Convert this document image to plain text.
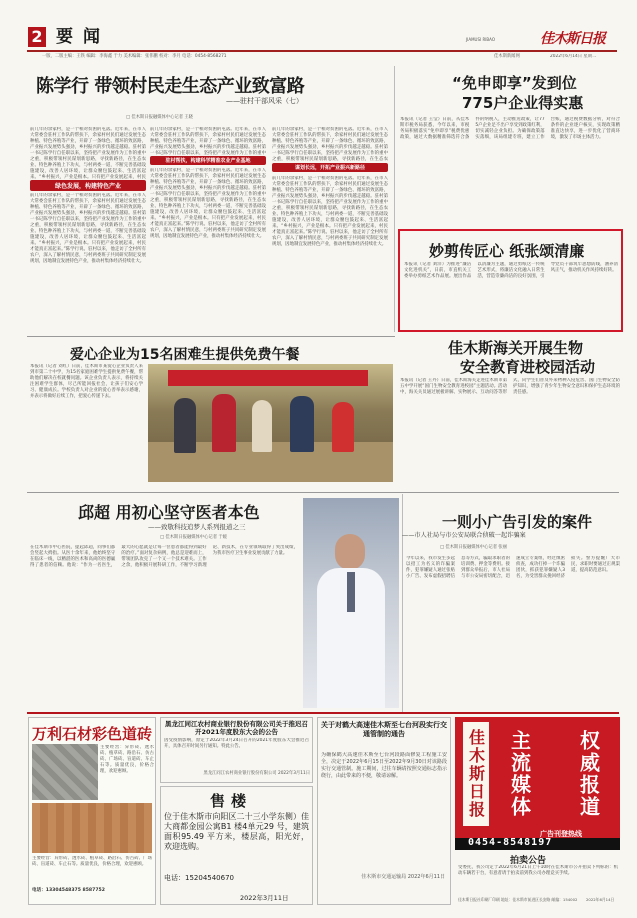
2 要闻	JIAMUSI RIBAO	佳木斯日报
一版、二版主编：王铁 编辑：李海鑫 于力 美术编辑：张伟鹏 校对：李月 电话：0454-8568271	佳木斯新闻网	2022年6月14日 星期二
陈学行 带领村民走生态产业致富路
——驻村干部风采（七）
□ 佳木斯日报融媒体中心记者 王晓
前几年的余家村，是一个相对贫困的屯落。近年来，在市人大常委会驻村工作队的帮扶下，余家村村民们通过发展生态种植、特色养殖等产业，开辟了一条绿色、循环的致富路，产业振兴发展势头强劲，乡村振兴的步伐越走越稳。驻村第一书记陈学行自任职以来，坚持把产业发展作为工作的重中之重，积极带领村民谋划新思路，寻找新路径，在生态农业、特色种养殖上下功夫，与村两委一道，不断完善基础设施建设，改善人居环境，让群众腰包鼓起来、生活富起来。“乡村振兴，产业是根本。只有把产业发展起来，村民
绿色发展，构建特色产业
前几年的余家村，是一个相对贫困的屯落。近年来，在市人大常委会驻村工作队的帮扶下，余家村村民们通过发展生态种植、特色养殖等产业，开辟了一条绿色、循环的致富路，产业振兴发展势头强劲，乡村振兴的步伐越走越稳。驻村第一书记陈学行自任职以来，坚持把产业发展作为工作的重中之重，积极带领村民谋划新思路，寻找新路径，在生态农业、特色种养殖上下功夫，与村两委一道，不断完善基础设施建设，改善人居环境，让群众腰包鼓起来、生活富起来。“乡村振兴，产业是根本。只有把产业发展起来，村民才能真正富起来。”陈学行说。驻村以来，他走访了全村所有农户，深入了解村情民意，与村两委班子共同研究制定发展规划，因地制宜发展特色产业，推动村集体经济持续壮大。
前几年的余家村，是一个相对贫困的屯落。近年来，在市人大常委会驻村工作队的帮扶下，余家村村民们通过发展生态种植、特色养殖等产业，开辟了一条绿色、循环的致富路，产业振兴发展势头强劲，乡村振兴的步伐越走越稳。驻村第一书记陈学行自任职以来，坚持把产业发展作为工作的重中
驻村帮扶，构建科学精准农业产业基地
前几年的余家村，是一个相对贫困的屯落。近年来，在市人大常委会驻村工作队的帮扶下，余家村村民们通过发展生态种植、特色养殖等产业，开辟了一条绿色、循环的致富路，产业振兴发展势头强劲，乡村振兴的步伐越走越稳。驻村第一书记陈学行自任职以来，坚持把产业发展作为工作的重中之重，积极带领村民谋划新思路，寻找新路径，在生态农业、特色种养殖上下功夫，与村两委一道，不断完善基础设施建设，改善人居环境，让群众腰包鼓起来、生活富起来。“乡村振兴，产业是根本。只有把产业发展起来，村民才能真正富起来。”陈学行说。驻村以来，他走访了全村所有农户，深入了解村情民意，与村两委班子共同研究制定发展规划，因地制宜发展特色产业，推动村集体经济持续壮大。
谋划长远，开拓产业振兴新路径
前几年的余家村，是一个相对贫困的屯落。近年来，在市人大常委会驻村工作队的帮扶下，余家村村民们通过发展生态种植、特色养殖等产业，开辟了一条绿色、循环的致富路，产业振兴发展势头强劲，乡村振兴的步伐越走越稳。驻村第一书记陈学行自任职以来，坚持把产业发展作为工作的重中之重，积极带领村民谋划新思路，寻找新路径，在生态农
前几年的余家村，是一个相对贫困的屯落。近年来，在市人大常委会驻村工作队的帮扶下，余家村村民们通过发展生态种植、特色养殖等产业，开辟了一条绿色、循环的致富路，产业振兴发展势头强劲，乡村振兴的步伐越走越稳。驻村第一书记陈学行自任职以来，坚持把产业发展作为工作的重中之重，积极带领村民谋划新思路，寻找新路径，在生态农业、特色种养殖上下功夫，与村两委一道，不断完善基础设施建设，改善人居环境，让群众腰包鼓起来、生活富起来。“乡村振兴，产业是根本。只有把产业发展起来，村民才能真正富起来。”陈学行说。驻村以来，他走访了全村所有农户，深入了解村情民意，与村两委班子共同研究制定发展规划，因地制宜发展特色产业，推动村集体经济持续壮大。
“免申即享”发到位
775户企业得实惠
本报讯（记者 王莹）日前，从佳木斯市税务局获悉，今年以来，市税务局积极落实“免申即享”税费优惠政策，通过大数据精准筛选符合条件的纳税人，主动推送政策，让775户企业足不出户享受到政策红利，切实减轻企业负担。为确保政策落实落细，该局组建专班，建立工作台账，通过税费数据分析，对符合条件的企业逐户核实，实现政策精准直达快享，进一步优化了营商环境，激发了市场主体活力。
妙剪传匠心 纸张颂清廉
本报讯（记者 刘洋）为推进“廉洁文化进机关”，日前，市直机关工委举办剪纸艺术作品展。展出作品以清廉为主题，通过剪纸这一传统艺术形式，将廉洁文化融入日常生活，营造崇廉尚洁的良好氛围，引导党员干部筑牢思想防线，涵养清风正气，推动机关作风持续好转。
佳木斯海关开展生物
安全教育进校园活动
本报讯（记者 王丹）日前，佳木斯海关走进佳木斯市第五中学开展“国门生物安全教育进校园”主题活动。活动中，海关关员通过展板讲解、实物展示、互动问答等形式，向学生们普及外来物种入侵危害、国门生物安全防护知识，增强了青少年生物安全意识和保护生态环境的责任感。
爱心企业为15名困难生提供免费午餐
本报讯（记者 刘红）日前，佳木斯市某爱心企业负责人来到市第二十中学，为15名家庭困难学生提供免费午餐，帮助他们解决在校就餐问题。该企业负责人表示，将持续关注困难学生群体，尽己所能回报社会，让孩子们安心学习、健康成长。学校负责人对企业的爱心善举表示感谢，并表示将做好后续工作，把爱心传递下去。
邱超 用初心坚守医者本色
——致敬科技追梦人系列报道之三
□ 佳木斯日报融媒体中心记者 于媛
在佳木斯市中心医院，提起邱超，同事们都会竖起大拇指。从医十余年来，他始终坚守在临床一线，以精湛的医术和高尚的医德赢得了患者的信赖。他说：“作为一名医生，最大的心愿就是让每一位患者都能得到最好的治疗。”面对复杂病例，他总是迎难而上，带领团队攻克了一个又一个技术难关。工作之余，他积极开展科研工作，不断学习新理论、新技术，在专业领域取得了突出成绩，为我市医疗卫生事业发展贡献了力量。
一则小广告引发的案件
——市人社局与市公安局联合侦破一起诈骗案
□ 佳木斯日报融媒体中心记者 张丽
今年以来，我市发生多起以招工为名义的诈骗案件，犯罪嫌疑人通过张贴小广告、发布虚假招聘信息等方式，骗取求职者的培训费、押金等费用。接到群众举报后，市人社局与市公安局密切配合，迅速成立专案组，经过缜密侦查，成功打掉一个诈骗团伙，抓获犯罪嫌疑人3名，为受害群众挽回经济损失。警方提醒广大市民，求职时要通过正规渠道，提高防范意识。
万利石材彩色道砖
主要经营：异形砖、透水砖、植草砖、路沿石、仿古砖、广场砖、盲道砖、车止石等。质量优良，价格合理，欢迎惠顾。
主要经营：异形砖、透水砖、植草砖、路沿石、仿古砖、广场砖、盲道砖、车止石等。质量优良，价格合理，欢迎惠顾。
电话：13304548375 8587752
黑龙江同江农村商业银行股份有限公司关于推迟召开2021年度股东大会的公告
因受疫情影响，原定于2022年3月24日召开的2021年度股东大会推迟召开，具体召开时间另行通知。特此公告。
黑龙江同江农村商业银行股份有限公司 2022年3月11日
售楼
位于佳木斯市向阳区二十三小学东侧）佳大商都金园公寓B1 楼4单元29 号，建筑面积95.49 平方米，楼层高，阳光好，欢迎选购。
电话：15204540670
2022年3月11日
关于对鹤大高速佳木斯至七台河段实行交通管制的通告
为确保鹤大高速佳木斯至七台河段路面修复工程施工安全，决定于2022年6月15日至2022年9月30日对该路段实行交通管制。施工期间，过往车辆请按照交通标志指示绕行，由此带来的不便，敬请谅解。
佳木斯市交通运输局 2022年6月11日
佳木斯日报 主流媒体 权威报道
广告刊登热线
0454-8548197
拍卖公告
受委托，我公司定于2022年6月21日上午10时在佳木斯市公开拍卖下列标的：机动车辆若干台，有意者请于拍卖前到我公司办理竞买手续。
佳木斯日报社印刷厂印刷 地址：佳木斯市前进区长安路 邮编：154002	2022年6月14日
